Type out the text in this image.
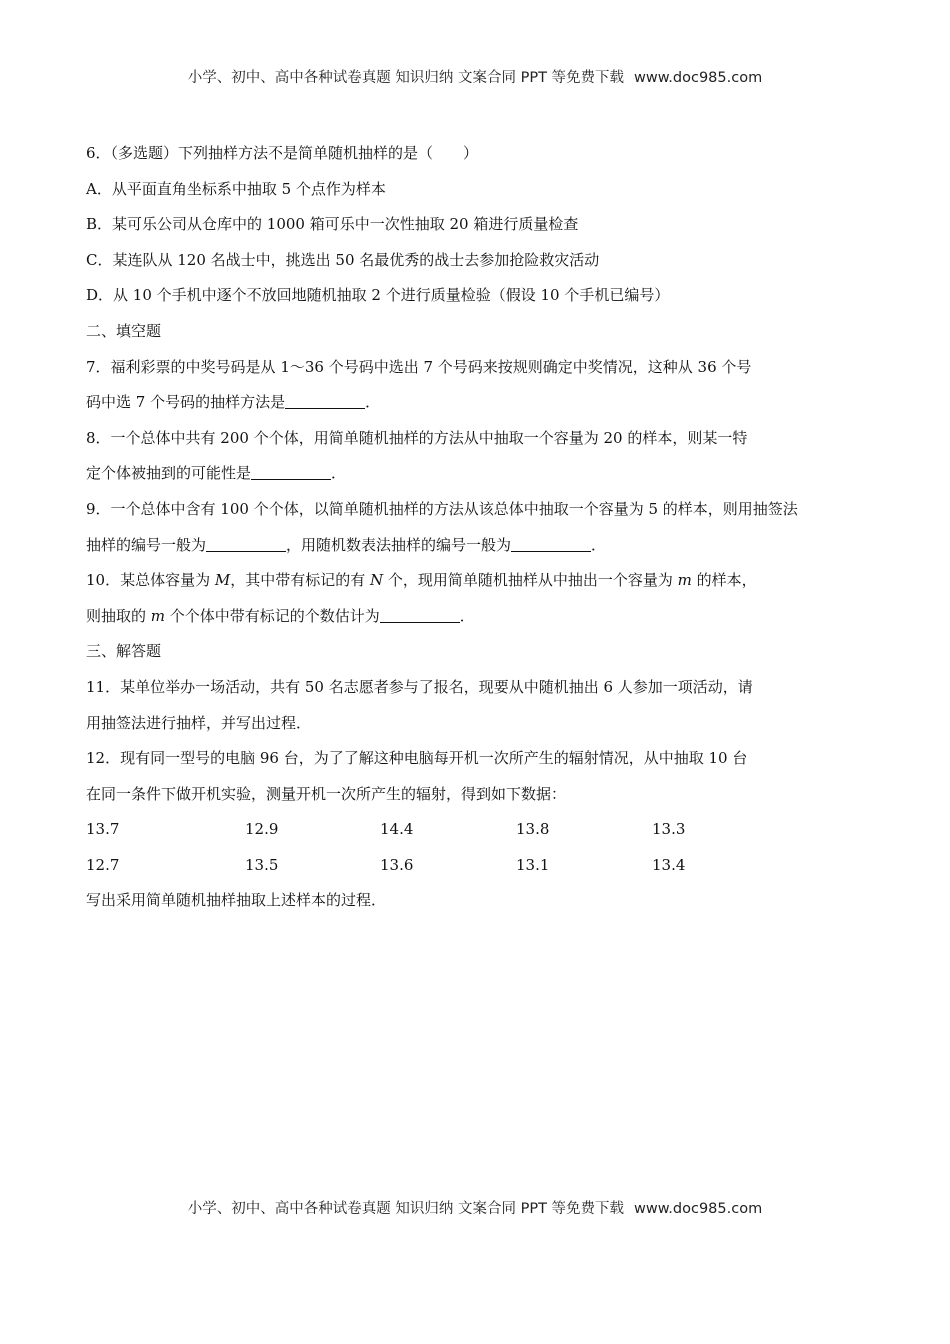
小学、初中、高中各种试卷真题 知识归纳 文案合同 PPT 等免费下载 www.doc985.com
6．（多选题）下列抽样方法不是简单随机抽样的是（　　）
A．从平面直角坐标系中抽取 5 个点作为样本
B．某可乐公司从仓库中的 1000 箱可乐中一次性抽取 20 箱进行质量检查
C．某连队从 120 名战士中，挑选出 50 名最优秀的战士去参加抢险救灾活动
D．从 10 个手机中逐个不放回地随机抽取 2 个进行质量检验（假设 10 个手机已编号）
二、填空题
7．福利彩票的中奖号码是从 1～36 个号码中选出 7 个号码来按规则确定中奖情况，这种从 36 个号
码中选 7 个号码的抽样方法是	．
8．一个总体中共有 200 个个体，用简单随机抽样的方法从中抽取一个容量为 20 的样本，则某一特
定个体被抽到的可能性是	．
9．一个总体中含有 100 个个体，以简单随机抽样的方法从该总体中抽取一个容量为 5 的样本，则用抽签法
抽样的编号一般为	，用随机数表法抽样的编号一般为	．
10．某总体容量为 M，其中带有标记的有 N 个，现用简单随机抽样从中抽出一个容量为 m 的样本，
则抽取的 m 个个体中带有标记的个数估计为	．
三、解答题
11．某单位举办一场活动，共有 50 名志愿者参与了报名，现要从中随机抽出 6 人参加一项活动，请
用抽签法进行抽样，并写出过程．
12．现有同一型号的电脑 96 台，为了了解这种电脑每开机一次所产生的辐射情况，从中抽取 10 台
在同一条件下做开机实验，测量开机一次所产生的辐射，得到如下数据：
13.7	12.9	14.4	13.8	13.3
12.7	13.5	13.6	13.1	13.4
写出采用简单随机抽样抽取上述样本的过程．
小学、初中、高中各种试卷真题 知识归纳 文案合同 PPT 等免费下载 www.doc985.com
